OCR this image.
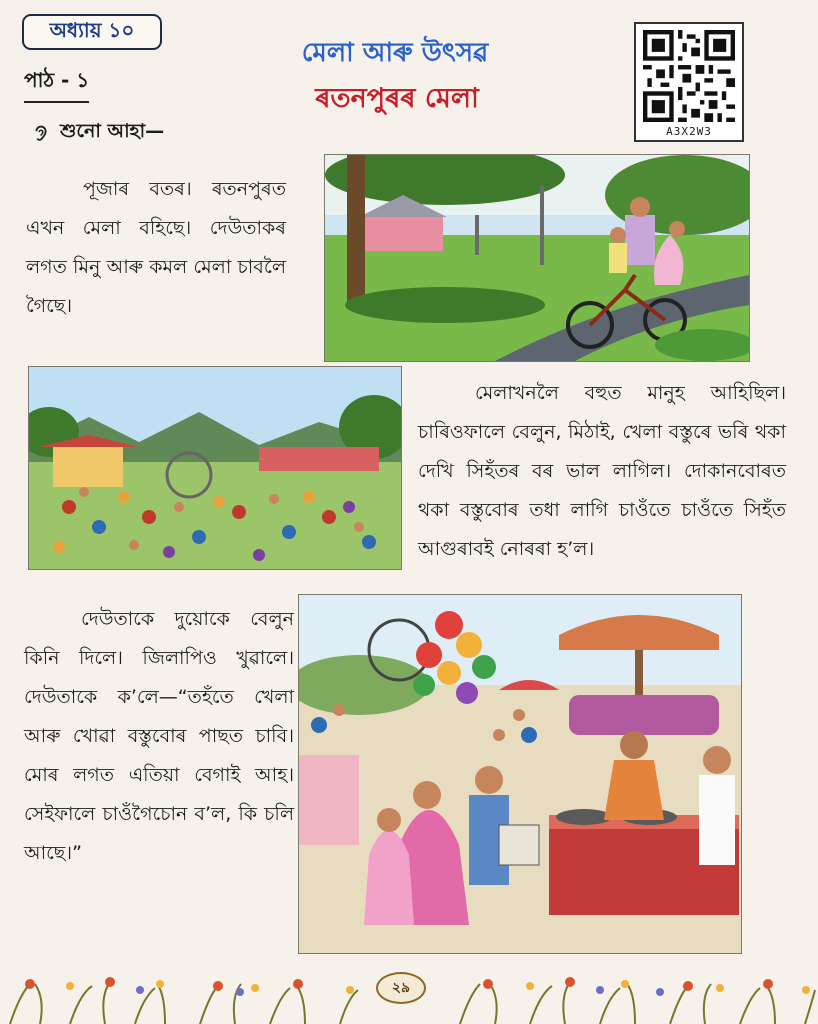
অধ্যায় ১০
পাঠ - ১
মেলা আৰু উৎসৱ
ৰতনপুৰৰ মেলা
A3X2W3
শুনো আহা—
পূজাৰ বতৰ। ৰতনপুৰত এখন মেলা বহিছে। দেউতাকৰ লগত মিনু আৰু কমল মেলা চাবলৈ গৈছে।
মেলাখনলৈ বহুত মানুহ আহিছিল। চাৰিওফালে বেলুন, মিঠাই, খেলা বস্তুৰে ভৰি থকা দেখি সিহঁতৰ বৰ ভাল লাগিল। দোকানবোৰত থকা বস্তুবোৰ তধা লাগি চাওঁতে চাওঁতে সিহঁত আগুৰাবই নোৰৰা হ’ল।
দেউতাকে দুয়োকে বেলুন কিনি দিলে। জিলাপিও খুৱালে। দেউতাকে ক’লে—“তহঁতে খেলা আৰু খোৱা বস্তুবোৰ পাছত চাবি। মোৰ লগত এতিয়া বেগাই আহ। সেইফালে চাওঁগৈচোন ব’ল, কি চলি আছে।”
২৯
